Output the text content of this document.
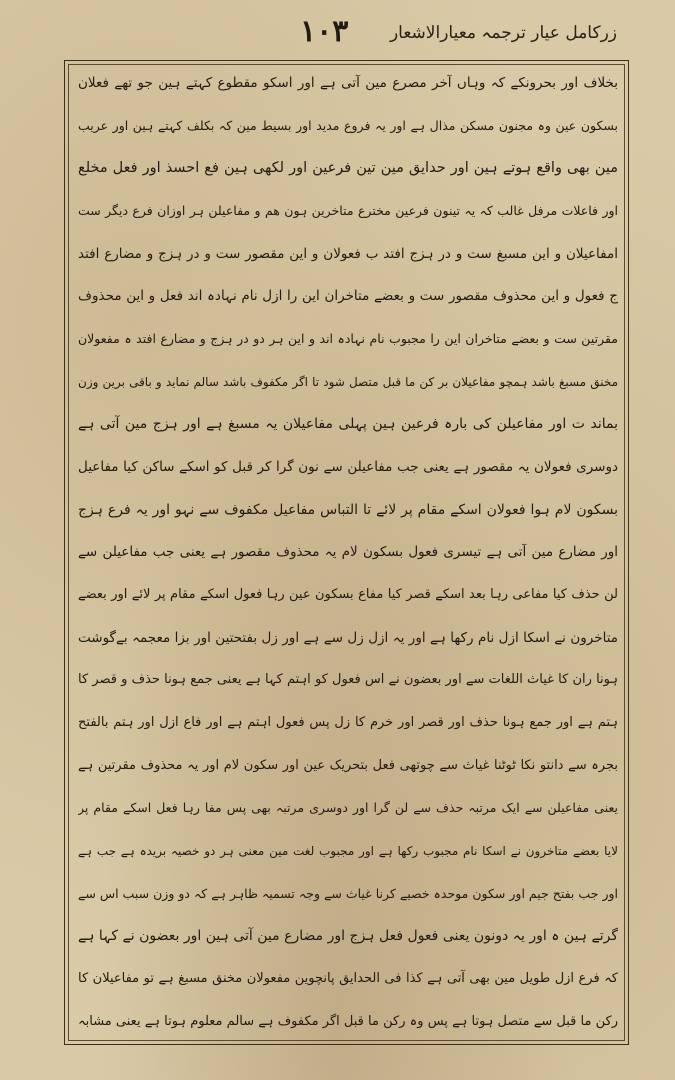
زرکامل عیار ترجمہ معیارالاشعار
۱۰۳
بخلاف اور بحرونکے کہ وہاں آخر مصرع مین آتی ہے اور اسکو مقطوع کہتے ہین جو تھے فعلان
بسکون عین وہ مجنون مسکن مذال ہے اور یہ فروع مدید اور بسیط مین کہ بکلف کہتے ہین اور عریب
مین بھی واقع ہوتے ہین اور حدایق مین تین فرعین اور لکھی ہین فع احسذ اور فعل مخلع
اور فاعلات مرفل غالب کہ یہ تینون فرعین مخترع متاخرین ہون هم و مفاعیلن ہر اوزان فرع دیگر ست
امفاعیلان و این مسبغ ست و در ہزج افتد ب فعولان و این مقصور ست و در ہزج و مضارع افتد
ج فعول و این محذوف مقصور ست و بعضے متاخران این را ازل نام نہادہ اند فعل و این محذوف
مقرتین ست و بعضے متاخران این را مجبوب نام نہادہ اند و این ہر دو در ہزج و مضارع افتد ہ مفعولان
مخنق مسبغ باشد ہمچو مفاعیلان بر کن ما قبل متصل شود تا اگر مکفوف باشد سالم نماید و باقی برین وزن
بماند ت اور مفاعیلن کی بارہ فرعین ہین پہلی مفاعیلان یہ مسبغ ہے اور ہزج مین آتی ہے
دوسری فعولان یہ مقصور ہے یعنی جب مفاعیلن سے نون گرا کر قبل کو اسکے ساکن کیا مفاعیل
بسکون لام ہوا فعولان اسکے مقام پر لائے تا التباس مفاعیل مکفوف سے نہو اور یہ فرع ہزج
اور مضارع مین آتی ہے تیسری فعول بسکون لام یہ محذوف مقصور ہے یعنی جب مفاعیلن سے
لن حذف کیا مفاعی رہا بعد اسکے قصر کیا مفاع بسکون عین رہا فعول اسکے مقام پر لائے اور بعضے
متاخرون نے اسکا ازل نام رکھا ہے اور یہ ازل زل سے ہے اور زل بفتحتین اور بزا معجمہ بےگوشت
ہونا ران کا غیاث اللغات سے اور بعضون نے اس فعول کو اہتم کہا ہے یعنی جمع ہونا حذف و قصر کا
ہتم ہے اور جمع ہونا حذف اور قصر اور خرم کا زل پس فعول اہتم ہے اور فاع ازل اور ہتم بالفتح
بجرہ سے دانتو نکا ٹوٹنا غیاث سے چوتھی فعل بتحریک عین اور سکون لام اور یہ محذوف مقرتین ہے
یعنی مفاعیلن سے ایک مرتبہ حذف سے لن گرا اور دوسری مرتبہ بھی پس مفا رہا فعل اسکے مقام پر
لایا بعضے متاخرون نے اسکا نام مجبوب رکھا ہے اور مجبوب لغت مین معنی ہر دو خصیہ بریدہ ہے جب ہے
اور جب بفتح جیم اور سکون موحدہ خصیے کرنا غیاث سے وجہ تسمیہ ظاہر ہے کہ دو وزن سبب اس سے
گرتے ہین ہ اور یہ دونون یعنی فعول فعل ہزج اور مضارع مین آتی ہین اور بعضون نے کہا ہے
کہ فرع ازل طویل مین بھی آتی ہے کذا فی الحدایق پانچوین مفعولان مخنق مسبغ ہے تو مفاعیلان کا
رکن ما قبل سے متصل ہوتا ہے پس وہ رکن ما قبل اگر مکفوف ہے سالم معلوم ہوتا ہے یعنی مشابہ
